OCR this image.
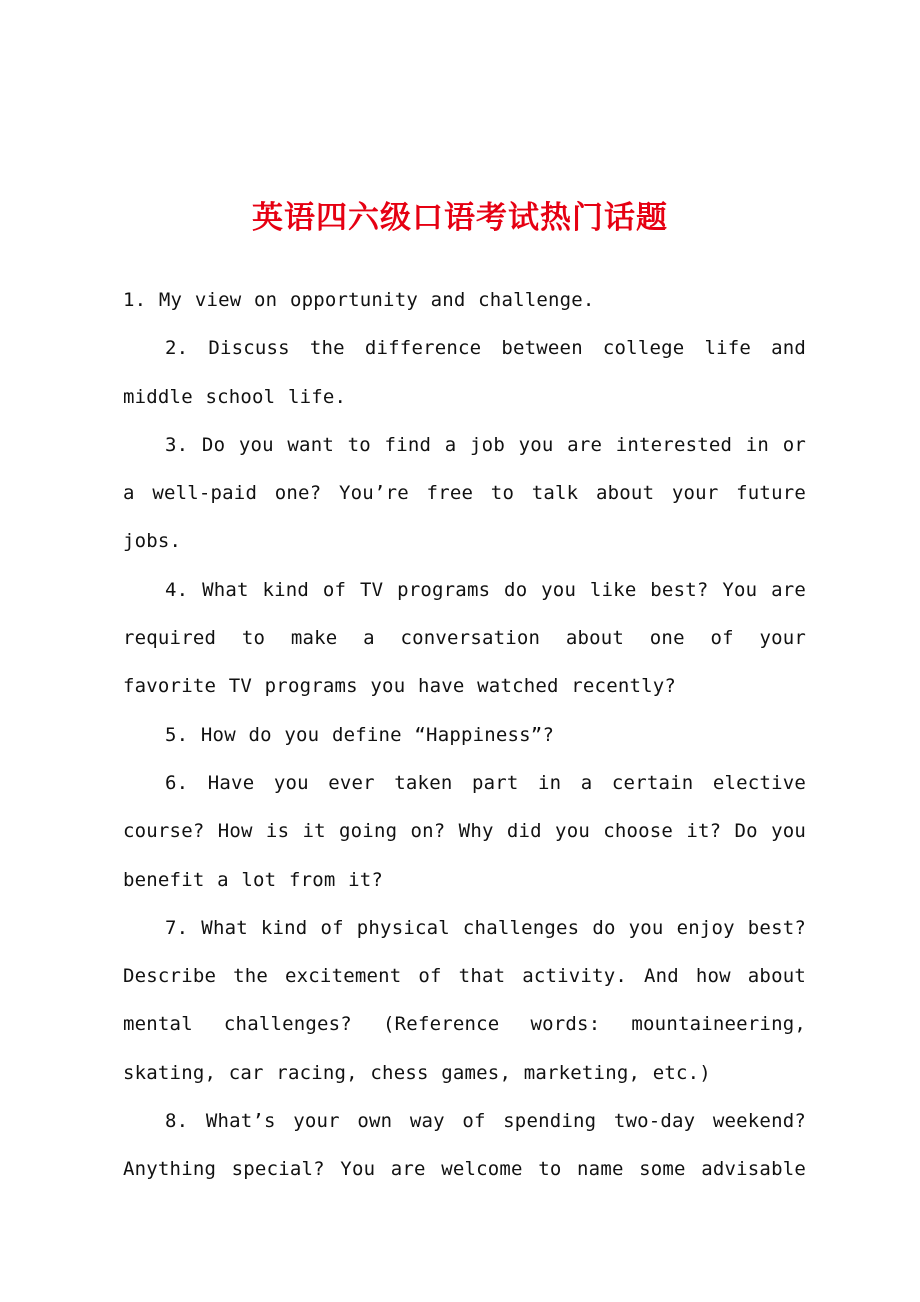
英语四六级口语考试热门话题

1. My view on opportunity and challenge.

2. Discuss the difference between college life and middle school life.

3. Do you want to find a job you are interested in or a well-paid one? You’re free to talk about your future jobs.

4. What kind of TV programs do you like best? You are required to make a conversation about one of your favorite TV programs you have watched recently?

5. How do you define “Happiness”?

6. Have you ever taken part in a certain elective course? How is it going on? Why did you choose it? Do you benefit a lot from it?

7. What kind of physical challenges do you enjoy best? Describe the excitement of that activity. And how about mental challenges? (Reference words: mountaineering, skating, car racing, chess games, marketing, etc.)

8. What’s your own way of spending two-day weekend? Anything special? You are welcome to name some advisable
